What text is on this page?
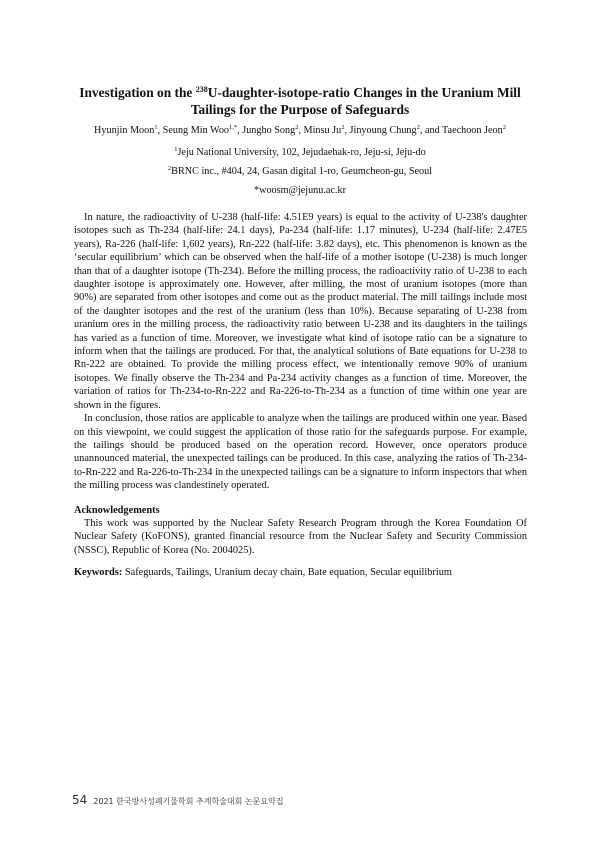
Investigation on the $^{238}$U-daughter-isotope-ratio Changes in the Uranium Mill
Tailings for the Purpose of Safeguards
Hyunjin Moon$^1$, Seung Min Woo$^{1,*}$, Jungho Song$^2$, Minsu Ju$^2$, Jinyoung Chung$^2$, and Taechoon Jeon$^2$
$^1$Jeju National University, 102, Jejudaehak-ro, Jeju-si, Jeju-do
$^2$BRNC inc., #404, 24, Gasan digital 1-ro, Geumcheon-gu, Seoul
*woosm@jejunu.ac.kr

In nature, the radioactivity of U-238 (half-life: 4.51E9 years) is equal to the activity of U-238's daughter isotopes such as Th-234 (half-life: 24.1 days), Pa-234 (half-life: 1.17 minutes), U-234 (half-life: 2.47E5 years), Ra-226 (half-life: 1,602 years), Rn-222 (half-life: 3.82 days), etc. This phenomenon is known as the ‘secular equilibrium’ which can be observed when the half-life of a mother isotope (U-238) is much longer than that of a daughter isotope (Th-234). Before the milling process, the radioactivity ratio of U-238 to each daughter isotope is approximately one. However, after milling, the most of uranium isotopes (more than 90%) are separated from other isotopes and come out as the product material. The mill tailings include most of the daughter isotopes and the rest of the uranium (less than 10%). Because separating of U-238 from uranium ores in the milling process, the radioactivity ratio between U-238 and its daughters in the tailings has varied as a function of time. Moreover, we investigate what kind of isotope ratio can be a signature to inform when that the tailings are produced. For that, the analytical solutions of Bate equations for U-238 to Rn-222 are obtained. To provide the milling process effect, we intentionally remove 90% of uranium isotopes. We finally observe the Th-234 and Pa-234 activity changes as a function of time. Moreover, the variation of ratios for Th-234-to-Rn-222 and Ra-226-to-Th-234 as a function of time within one year are shown in the figures.

In conclusion, those ratios are applicable to analyze when the tailings are produced within one year. Based on this viewpoint, we could suggest the application of those ratio for the safeguards purpose. For example, the tailings should be produced based on the operation record. However, once operators produce unannounced material, the unexpected tailings can be produced. In this case, analyzing the ratios of Th-234-to-Rn-222 and Ra-226-to-Th-234 in the unexpected tailings can be a signature to inform inspectors that when the milling process was clandestinely operated.

Acknowledgements

This work was supported by the Nuclear Safety Research Program through the Korea Foundation Of Nuclear Safety (KoFONS), granted financial resource from the Nuclear Safety and Security Commission (NSSC), Republic of Korea (No. 2004025).

Keywords: Safeguards, Tailings, Uranium decay chain, Bate equation, Secular equilibrium

54 2021 한국방사성폐기물학회 추계학술대회 논문요약집
